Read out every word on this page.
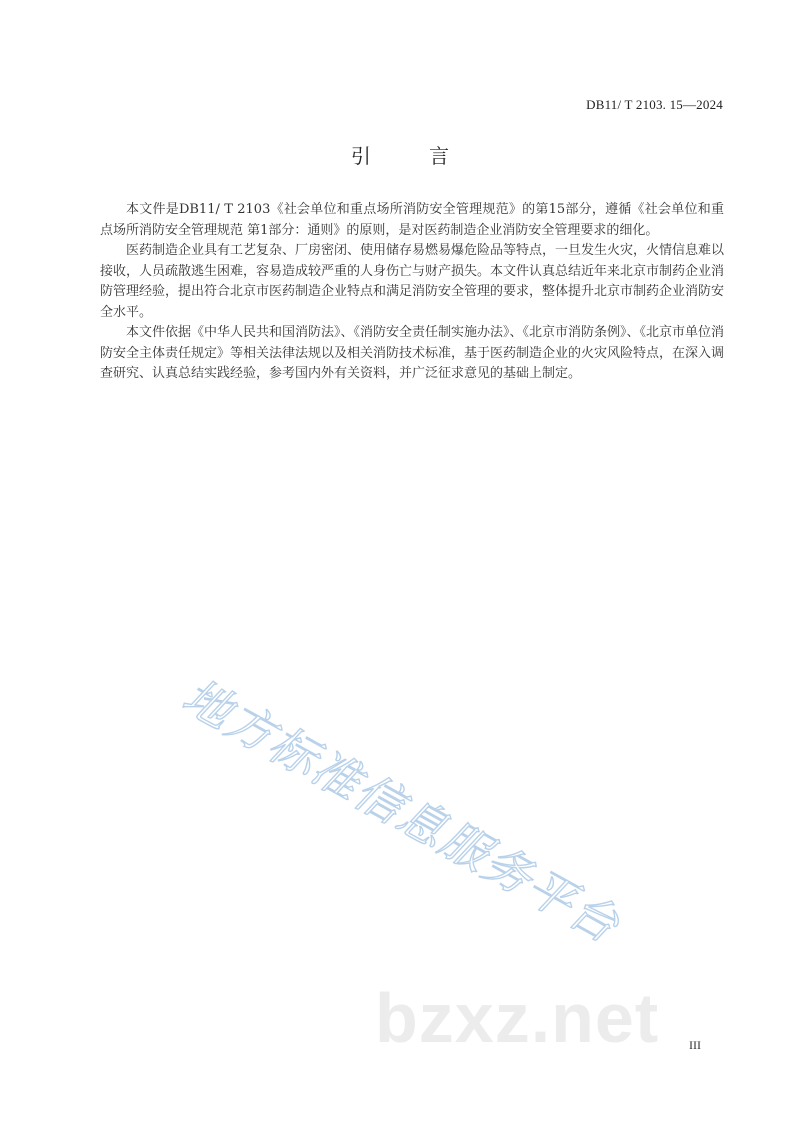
DB11/ T 2103. 15—2024
引 言

本文件是DB11/ T 2103《社会单位和重点场所消防安全管理规范》的第15部分，遵循《社会单位和重点场所消防安全管理规范 第1部分：通则》的原则，是对医药制造企业消防安全管理要求的细化。

医药制造企业具有工艺复杂、厂房密闭、使用储存易燃易爆危险品等特点，一旦发生火灾，火情信息难以接收，人员疏散逃生困难，容易造成较严重的人身伤亡与财产损失。本文件认真总结近年来北京市制药企业消防管理经验，提出符合北京市医药制造企业特点和满足消防安全管理的要求，整体提升北京市制药企业消防安全水平。

本文件依据《中华人民共和国消防法》、《消防安全责任制实施办法》、《北京市消防条例》、《北京市单位消防安全主体责任规定》等相关法律法规以及相关消防技术标准，基于医药制造企业的火灾风险特点，在深入调查研究、认真总结实践经验，参考国内外有关资料，并广泛征求意见的基础上制定。

地方标准信息服务平台
bzxz.net III
